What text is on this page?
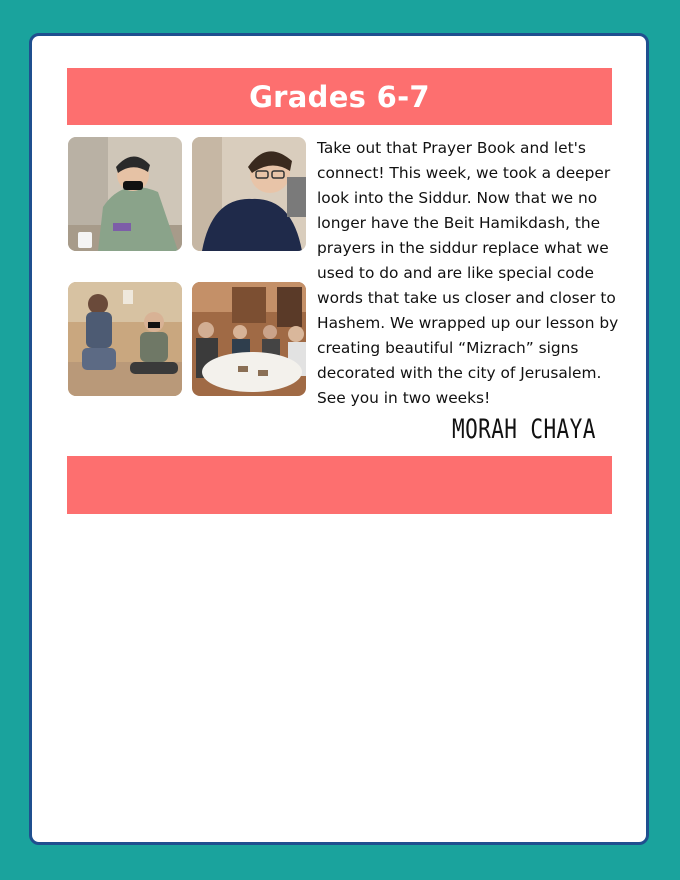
Grades 6-7
Take out that Prayer Book and let's
connect! This week, we took a deeper
look into the Siddur. Now that we no
longer have the Beit Hamikdash, the
prayers in the siddur replace what we
used to do and are like special code
words that take us closer and closer to
Hashem. We wrapped up our lesson by
creating beautiful “Mizrach” signs
decorated with the city of Jerusalem.
See you in two weeks!
MORAH CHAYA
